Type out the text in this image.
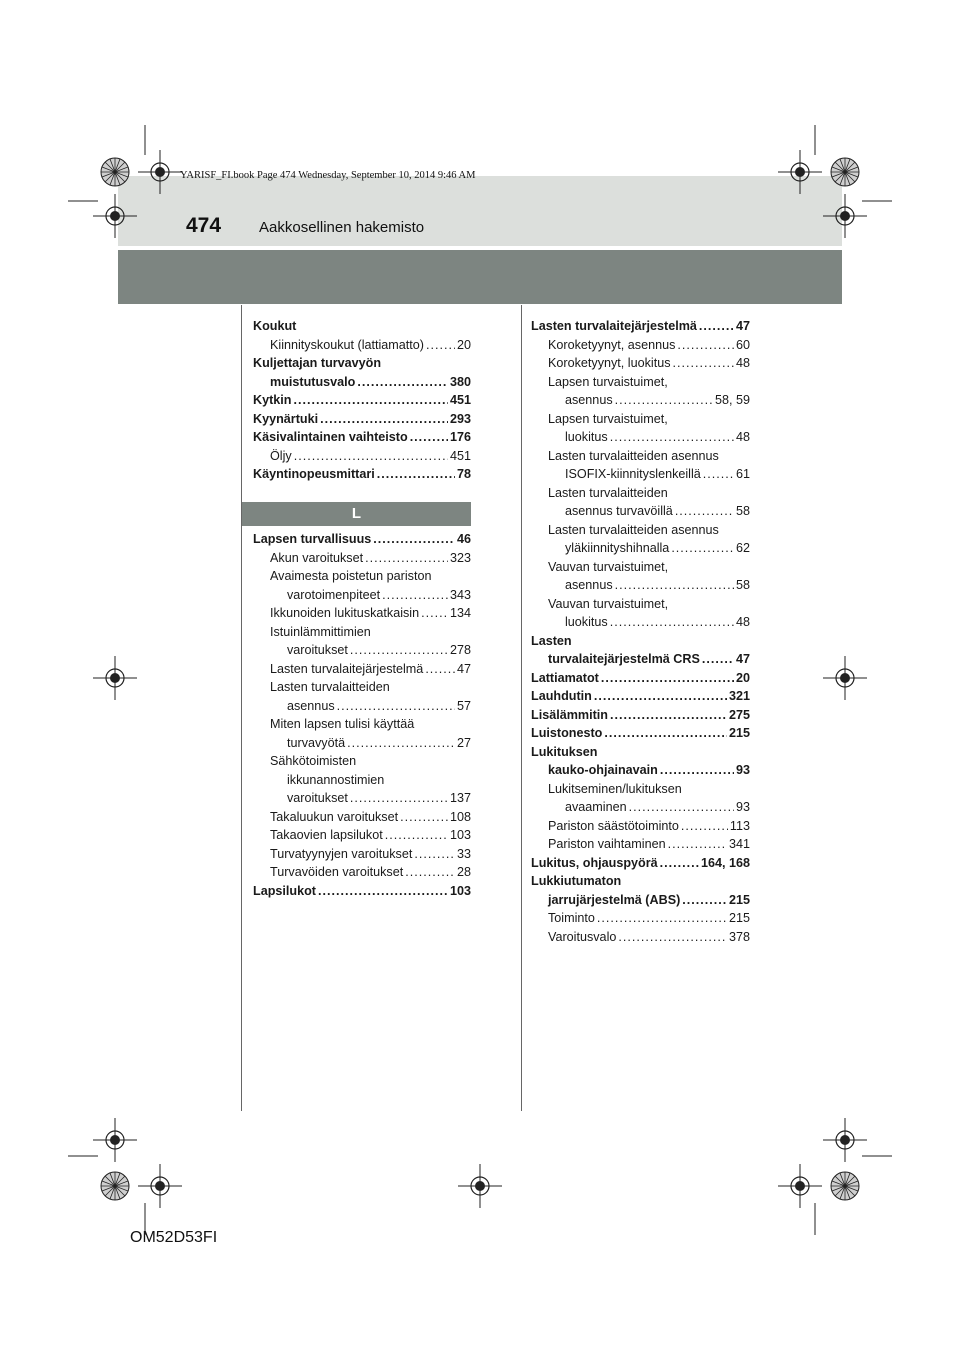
474	Aakkosellinen hakemisto
YARISF_FI.book Page 474 Wednesday, September 10, 2014 9:46 AM
Koukut
Kiinnityskoukut (lattiamatto) .....	20
Kuljettajan turvavyön
muistutusvalo .....	380
Kytkin .....	451
Kyynärtuki .....	293
Käsivalintainen vaihteisto .....	176
Öljy .....	451
Käyntinopeusmittari .....	78
L
Lapsen turvallisuus .....	46
Akun varoitukset .....	323
Avaimesta poistetun pariston
varotoimenpiteet .....	343
Ikkunoiden lukituskatkaisin ..... 134
Istuinlämmittimien
varoitukset .....	278
Lasten turvalaitejärjestelmä .....	47
Lasten turvalaitteiden
asennus .....	57
Miten lapsen tulisi käyttää
turvavyötä .....	27
Sähkötoimisten
ikkunannostimien
varoitukset .....	137
Takaluukun varoitukset .....	108
Takaovien lapsilukot .....	103
Turvatyynyjen varoitukset .....	33
Turvavöiden varoitukset .....	28
Lapsilukot .....	103
Lasten turvalaitejärjestelmä .....	47
Koroketyynyt, asennus .....	60
Koroketyynyt, luokitus .....	48
Lapsen turvaistuimet,
asennus .....	58, 59
Lapsen turvaistuimet,
luokitus .....	48
Lasten turvalaitteiden asennus
ISOFIX-kiinnityslenkeillä .....	61
Lasten turvalaitteiden
asennus turvavöillä .....	58
Lasten turvalaitteiden asennus
yläkiinnityshihnalla .....	62
Vauvan turvaistuimet,
asennus .....	58
Vauvan turvaistuimet,
luokitus .....	48
Lasten
turvalaitejärjestelmä CRS .....	47
Lattiamatot .....	20
Lauhdutin .....	321
Lisälämmitin .....	275
Luistonesto .....	215
Lukituksen
kauko-ohjainavain .....	93
Lukitseminen/lukituksen
avaaminen .....	93
Pariston säästötoiminto .....	113
Pariston vaihtaminen .....	341
Lukitus, ohjauspyörä .....	164, 168
Lukkiutumaton
jarrujärjestelmä (ABS) .....	215
Toiminto .....	215
Varoitusvalo .....	378
OM52D53FI
